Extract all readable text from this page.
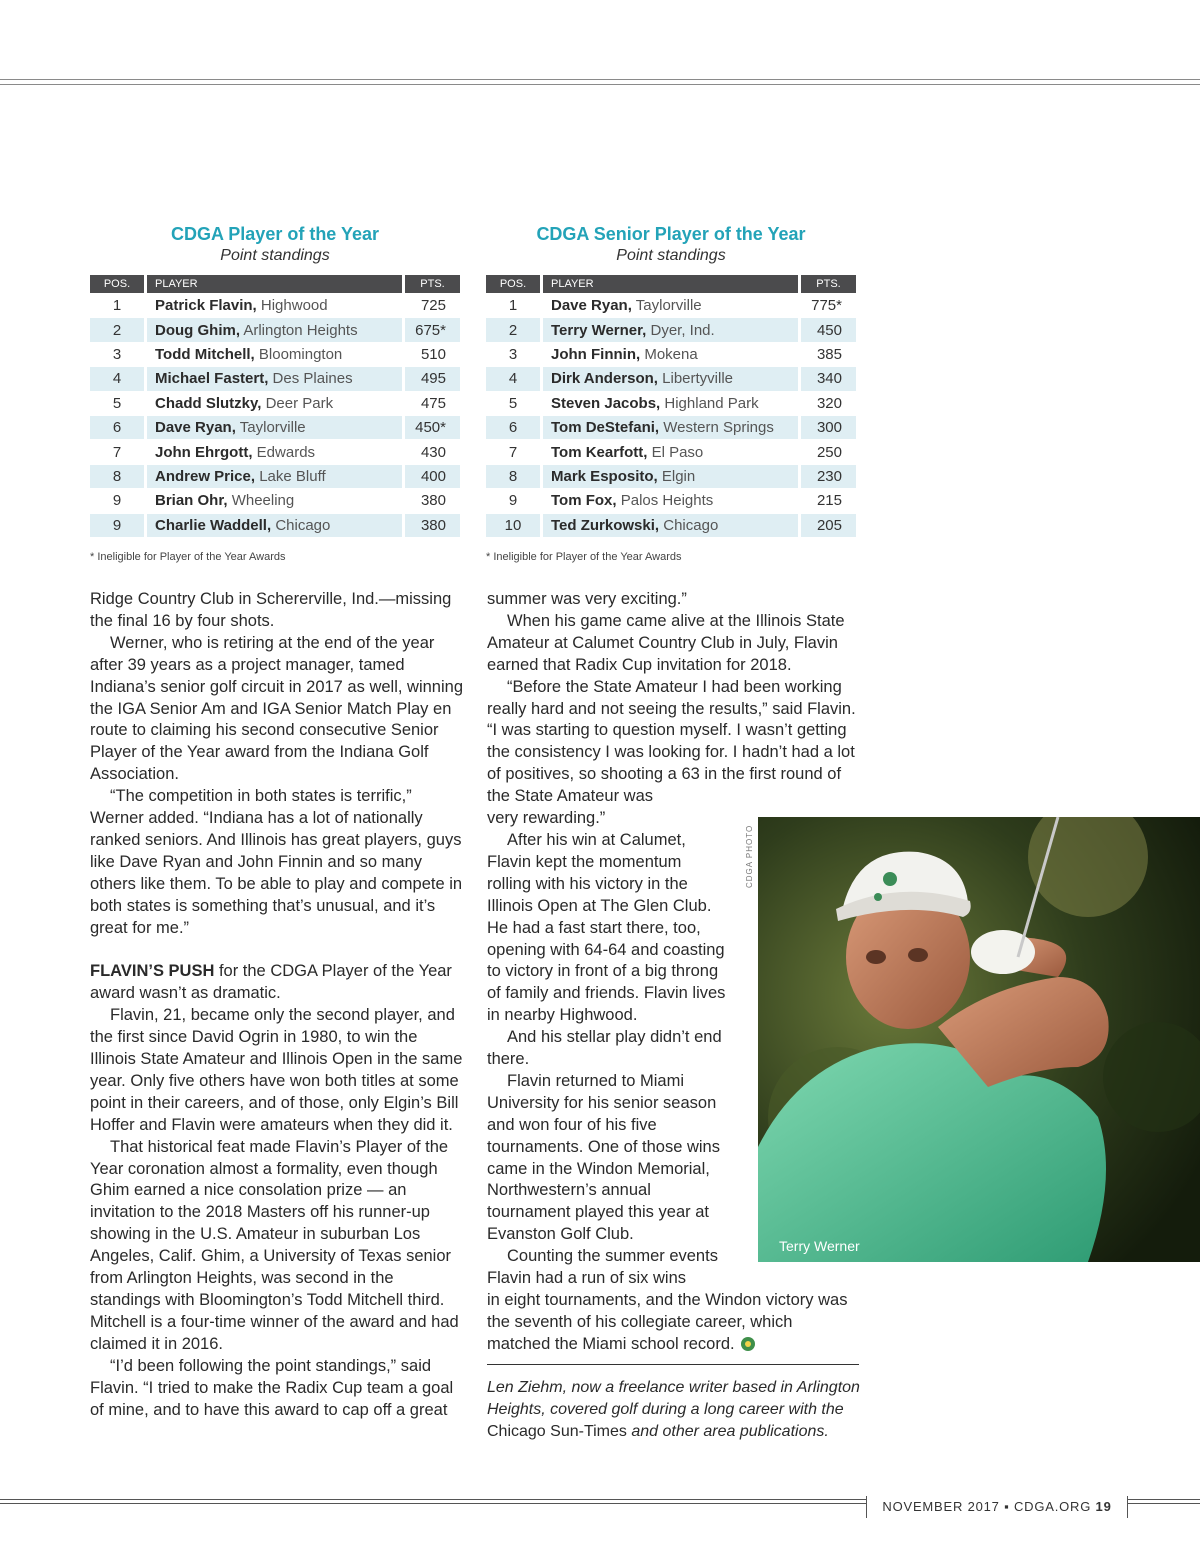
CDGA Player of the Year
Point standings
POS.	PLAYER	PTS.
1	Patrick Flavin, Highwood	725
2	Doug Ghim, Arlington Heights	675*
3	Todd Mitchell, Bloomington	510
4	Michael Fastert, Des Plaines	495
5	Chadd Slutzky, Deer Park	475
6	Dave Ryan, Taylorville	450*
7	John Ehrgott, Edwards	430
8	Andrew Price, Lake Bluff	400
9	Brian Ohr, Wheeling	380
9	Charlie Waddell, Chicago	380
* Ineligible for Player of the Year Awards
CDGA Senior Player of the Year
Point standings
POS.	PLAYER	PTS.
1	Dave Ryan, Taylorville	775*
2	Terry Werner, Dyer, Ind.	450
3	John Finnin, Mokena	385
4	Dirk Anderson, Libertyville	340
5	Steven Jacobs, Highland Park	320
6	Tom DeStefani, Western Springs	300
7	Tom Kearfott, El Paso	250
8	Mark Esposito, Elgin	230
9	Tom Fox, Palos Heights	215
10	Ted Zurkowski, Chicago	205
* Ineligible for Player of the Year Awards

Ridge Country Club in Schererville, Ind.—missing the final 16 by four shots.

Werner, who is retiring at the end of the year after 39 years as a project manager, tamed Indiana’s senior golf circuit in 2017 as well, winning the IGA Senior Am and IGA Senior Match Play en route to claiming his second consecutive Senior Player of the Year award from the Indiana Golf Association.

“The competition in both states is terrific,” Werner added. “Indiana has a lot of nationally ranked seniors. And Illinois has great players, guys like Dave Ryan and John Finnin and so many others like them. To be able to play and compete in both states is something that’s unusual, and it’s great for me.”

FLAVIN’S PUSH for the CDGA Player of the Year award wasn’t as dramatic.

Flavin, 21, became only the second player, and the first since David Ogrin in 1980, to win the Illinois State Amateur and Illinois Open in the same year. Only five others have won both titles at some point in their careers, and of those, only Elgin’s Bill Hoffer and Flavin were amateurs when they did it.

That historical feat made Flavin’s Player of the Year coronation almost a formality, even though Ghim earned a nice consolation prize — an invitation to the 2018 Masters off his runner-up showing in the U.S. Amateur in suburban Los Angeles, Calif. Ghim, a University of Texas senior from Arlington Heights, was second in the standings with Bloomington’s Todd Mitchell third. Mitchell is a four-time winner of the award and had claimed it in 2016.

“I’d been following the point standings,” said Flavin. “I tried to make the Radix Cup team a goal of mine, and to have this award to cap off a great

summer was very exciting.”

When his game came alive at the Illinois State Amateur at Calumet Country Club in July, Flavin earned that Radix Cup invitation for 2018.

“Before the State Amateur I had been working really hard and not seeing the results,” said Flavin. “I was starting to question myself. I wasn’t getting the consistency I was looking for. I hadn’t had a lot of positives, so shooting a 63 in the first round of the State Amateur was

very rewarding.”

After his win at Calumet, Flavin kept the momentum rolling with his victory in the Illinois Open at The Glen Club. He had a fast start there, too, opening with 64-64 and coasting to victory in front of a big throng of family and friends. Flavin lives in nearby Highwood.

And his stellar play didn’t end there.

Flavin returned to Miami University for his senior season and won four of his five tournaments. One of those wins came in the Windon Memorial, Northwestern’s annual tournament played this year at Evanston Golf Club.

Counting the summer events Flavin had a run of six wins

in eight tournaments, and the Windon victory was the seventh of his collegiate career, which matched the Miami school record.

CDGA PHOTO
Terry Werner
Len Ziehm, now a freelance writer based in Arlington Heights, covered golf during a long career with the Chicago Sun-Times and other area publications.
NOVEMBER 2017 ▪ CDGA.ORG 19
